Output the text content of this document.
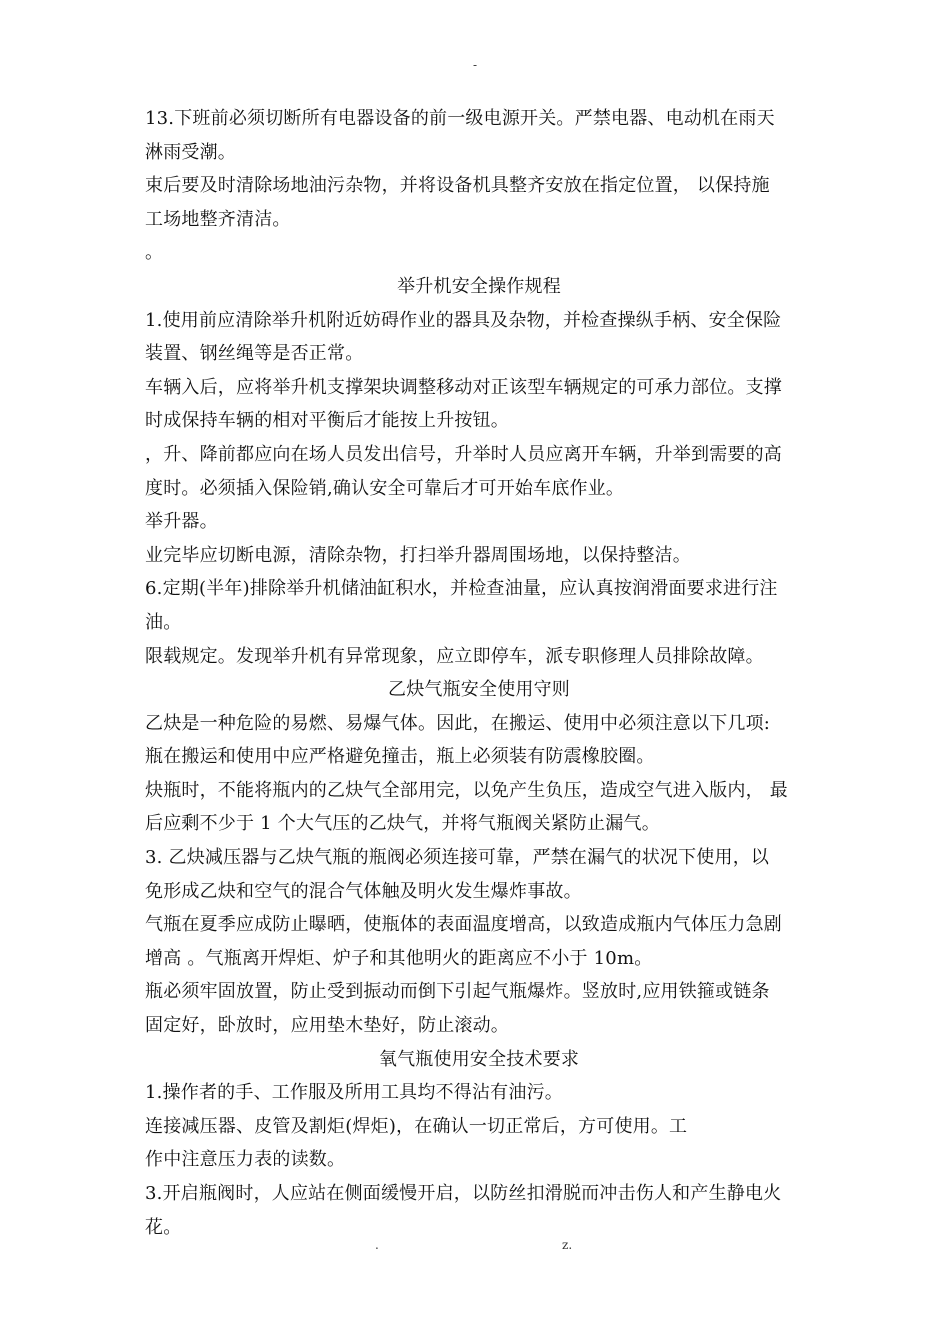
-
13.下班前必须切断所有电器设备的前一级电源开关。严禁电器、电动机在雨天
淋雨受潮。
束后要及时清除场地油污杂物，并将设备机具整齐安放在指定位置， 以保持施
工场地整齐清洁。
。
举升机安全操作规程
1.使用前应清除举升机附近妨碍作业的器具及杂物，并检查操纵手柄、安全保险
装置、钢丝绳等是否正常。
车辆入后，应将举升机支撑架块调整移动对正该型车辆规定的可承力部位。支撑
时成保持车辆的相对平衡后才能按上升按钮。
，升、降前都应向在场人员发出信号，升举时人员应离开车辆，升举到需要的高
度时。必须插入保险销,确认安全可靠后才可开始车底作业。
举升器。
业完毕应切断电源，清除杂物，打扫举升器周围场地，以保持整洁。
6.定期(半年)排除举升机储油缸积水，并检查油量，应认真按润滑面要求进行注
油。
限载规定。发现举升机有异常现象，应立即停车，派专职修理人员排除故障。
乙炔气瓶安全使用守则
乙炔是一种危险的易燃、易爆气体。因此，在搬运、使用中必须注意以下几项:
瓶在搬运和使用中应严格避免撞击，瓶上必须装有防震橡胶圈。
炔瓶时，不能将瓶内的乙炔气全部用完，以免产生负压，造成空气进入版内， 最
后应剩不少于 1 个大气压的乙炔气，并将气瓶阀关紧防止漏气。
3. 乙炔减压器与乙炔气瓶的瓶阀必须连接可靠，严禁在漏气的状况下使用，以
免形成乙炔和空气的混合气体触及明火发生爆炸事故。
气瓶在夏季应成防止曝晒，使瓶体的表面温度增高，以致造成瓶内气体压力急剧
增高 。气瓶离开焊炬、炉子和其他明火的距离应不小于 10m。
瓶必须牢固放置，防止受到振动而倒下引起气瓶爆炸。竖放时,应用铁箍或链条
固定好，卧放时，应用垫木垫好，防止滚动。
氧气瓶使用安全技术要求
1.操作者的手、工作服及所用工具均不得沾有油污。
连接减压器、皮管及割炬(焊炬)，在确认一切正常后，方可使用。工
作中注意压力表的读数。
3.开启瓶阀时，人应站在侧面缓慢开启，以防丝扣滑脱而冲击伤人和产生静电火
花。
.	z.
